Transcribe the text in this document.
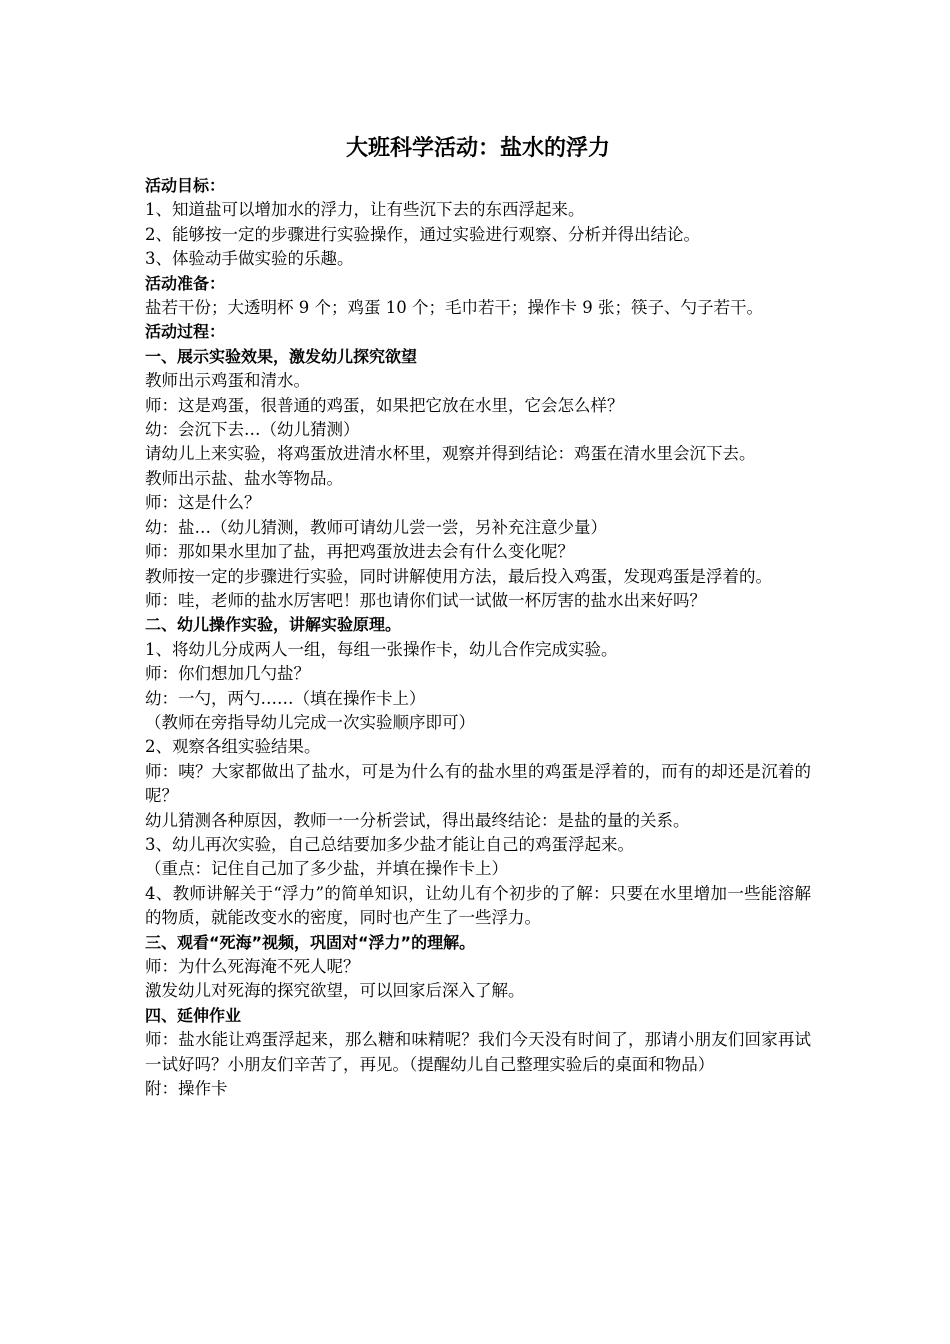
大班科学活动：盐水的浮力

活动目标：

1、知道盐可以增加水的浮力，让有些沉下去的东西浮起来。

2、能够按一定的步骤进行实验操作，通过实验进行观察、分析并得出结论。

3、体验动手做实验的乐趣。

活动准备：

盐若干份；大透明杯 9 个；鸡蛋 10 个；毛巾若干；操作卡 9 张；筷子、勺子若干。

活动过程：

一、展示实验效果，激发幼儿探究欲望

教师出示鸡蛋和清水。

师：这是鸡蛋，很普通的鸡蛋，如果把它放在水里，它会怎么样？

幼：会沉下去…（幼儿猜测）

请幼儿上来实验，将鸡蛋放进清水杯里，观察并得到结论：鸡蛋在清水里会沉下去。

教师出示盐、盐水等物品。

师：这是什么？

幼：盐…（幼儿猜测，教师可请幼儿尝一尝，另补充注意少量）

师：那如果水里加了盐，再把鸡蛋放进去会有什么变化呢？

教师按一定的步骤进行实验，同时讲解使用方法，最后投入鸡蛋，发现鸡蛋是浮着的。

师：哇，老师的盐水厉害吧！那也请你们试一试做一杯厉害的盐水出来好吗？

二、幼儿操作实验，讲解实验原理。

1、将幼儿分成两人一组，每组一张操作卡，幼儿合作完成实验。

师：你们想加几勺盐？

幼：一勺，两勺……（填在操作卡上）

（教师在旁指导幼儿完成一次实验顺序即可）

2、观察各组实验结果。

师：咦？大家都做出了盐水，可是为什么有的盐水里的鸡蛋是浮着的，而有的却还是沉着的呢？

幼儿猜测各种原因，教师一一分析尝试，得出最终结论：是盐的量的关系。

3、幼儿再次实验，自己总结要加多少盐才能让自己的鸡蛋浮起来。

（重点：记住自己加了多少盐，并填在操作卡上）

4、教师讲解关于“浮力”的简单知识，让幼儿有个初步的了解：只要在水里增加一些能溶解的物质，就能改变水的密度，同时也产生了一些浮力。

三、观看“死海”视频，巩固对“浮力”的理解。

师：为什么死海淹不死人呢？

激发幼儿对死海的探究欲望，可以回家后深入了解。

四、延伸作业

师：盐水能让鸡蛋浮起来，那么糖和味精呢？我们今天没有时间了，那请小朋友们回家再试一试好吗？小朋友们辛苦了，再见。（提醒幼儿自己整理实验后的桌面和物品）

附：操作卡
